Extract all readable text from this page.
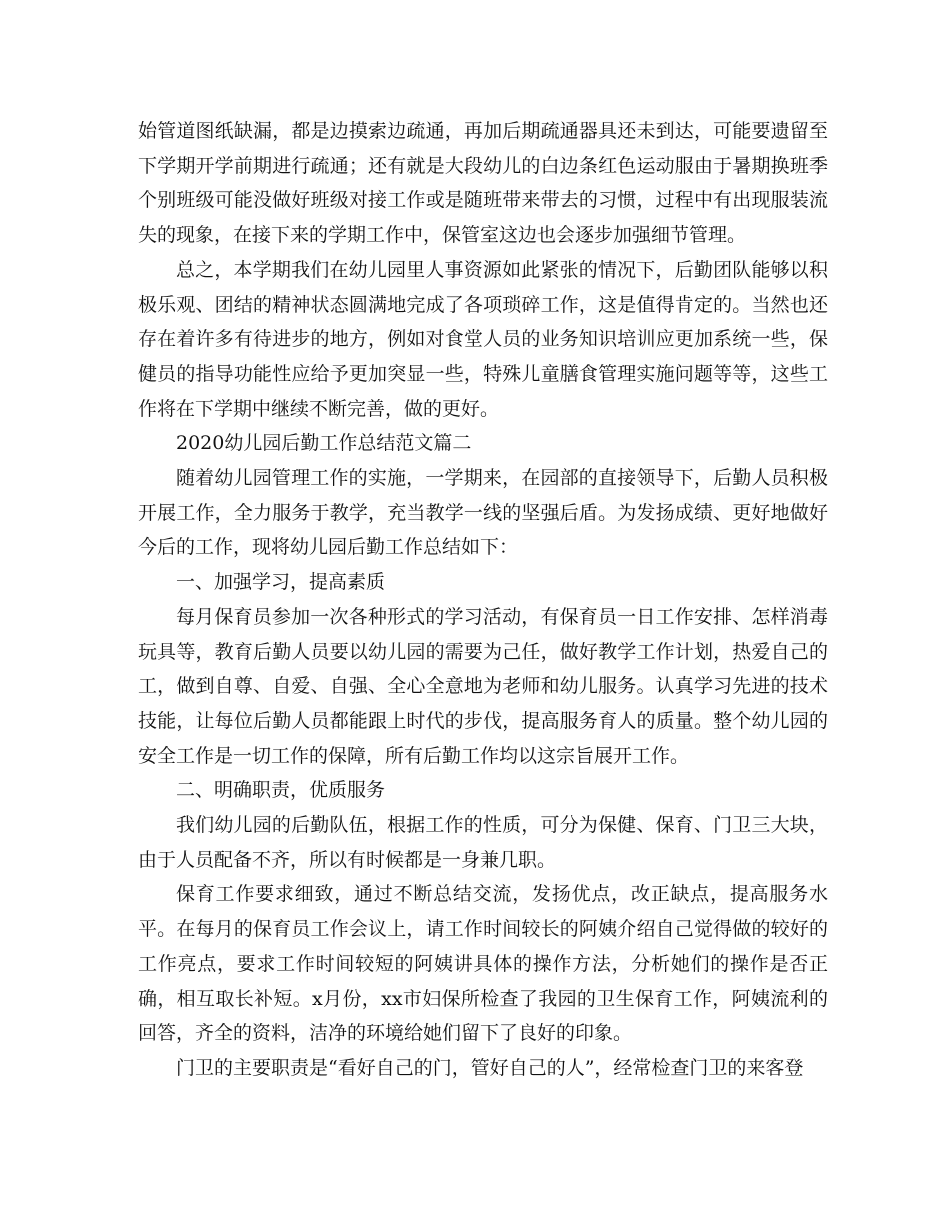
始管道图纸缺漏，都是边摸索边疏通，再加后期疏通器具还未到达，可能要遗留至下学期开学前期进行疏通；还有就是大段幼儿的白边条红色运动服由于暑期换班季个别班级可能没做好班级对接工作或是随班带来带去的习惯，过程中有出现服装流失的现象，在接下来的学期工作中，保管室这边也会逐步加强细节管理。

总之，本学期我们在幼儿园里人事资源如此紧张的情况下，后勤团队能够以积极乐观、团结的精神状态圆满地完成了各项琐碎工作，这是值得肯定的。当然也还存在着许多有待进步的地方，例如对食堂人员的业务知识培训应更加系统一些，保健员的指导功能性应给予更加突显一些，特殊儿童膳食管理实施问题等等，这些工作将在下学期中继续不断完善，做的更好。

2020幼儿园后勤工作总结范文篇二

随着幼儿园管理工作的实施，一学期来，在园部的直接领导下，后勤人员积极开展工作，全力服务于教学，充当教学一线的坚强后盾。为发扬成绩、更好地做好今后的工作，现将幼儿园后勤工作总结如下：

一、加强学习，提高素质

每月保育员参加一次各种形式的学习活动，有保育员一日工作安排、怎样消毒玩具等，教育后勤人员要以幼儿园的需要为己任，做好教学工作计划，热爱自己的工，做到自尊、自爱、自强、全心全意地为老师和幼儿服务。认真学习先进的技术技能，让每位后勤人员都能跟上时代的步伐，提高服务育人的质量。整个幼儿园的安全工作是一切工作的保障，所有后勤工作均以这宗旨展开工作。

二、明确职责，优质服务

我们幼儿园的后勤队伍，根据工作的性质，可分为保健、保育、门卫三大块，由于人员配备不齐，所以有时候都是一身兼几职。

保育工作要求细致，通过不断总结交流，发扬优点，改正缺点，提高服务水平。在每月的保育员工作会议上，请工作时间较长的阿姨介绍自己觉得做的较好的工作亮点，要求工作时间较短的阿姨讲具体的操作方法，分析她们的操作是否正确，相互取长补短。x月份，xx市妇保所检查了我园的卫生保育工作，阿姨流利的回答，齐全的资料，洁净的环境给她们留下了良好的印象。

门卫的主要职责是“看好自己的门，管好自己的人”，经常检查门卫的来客登
